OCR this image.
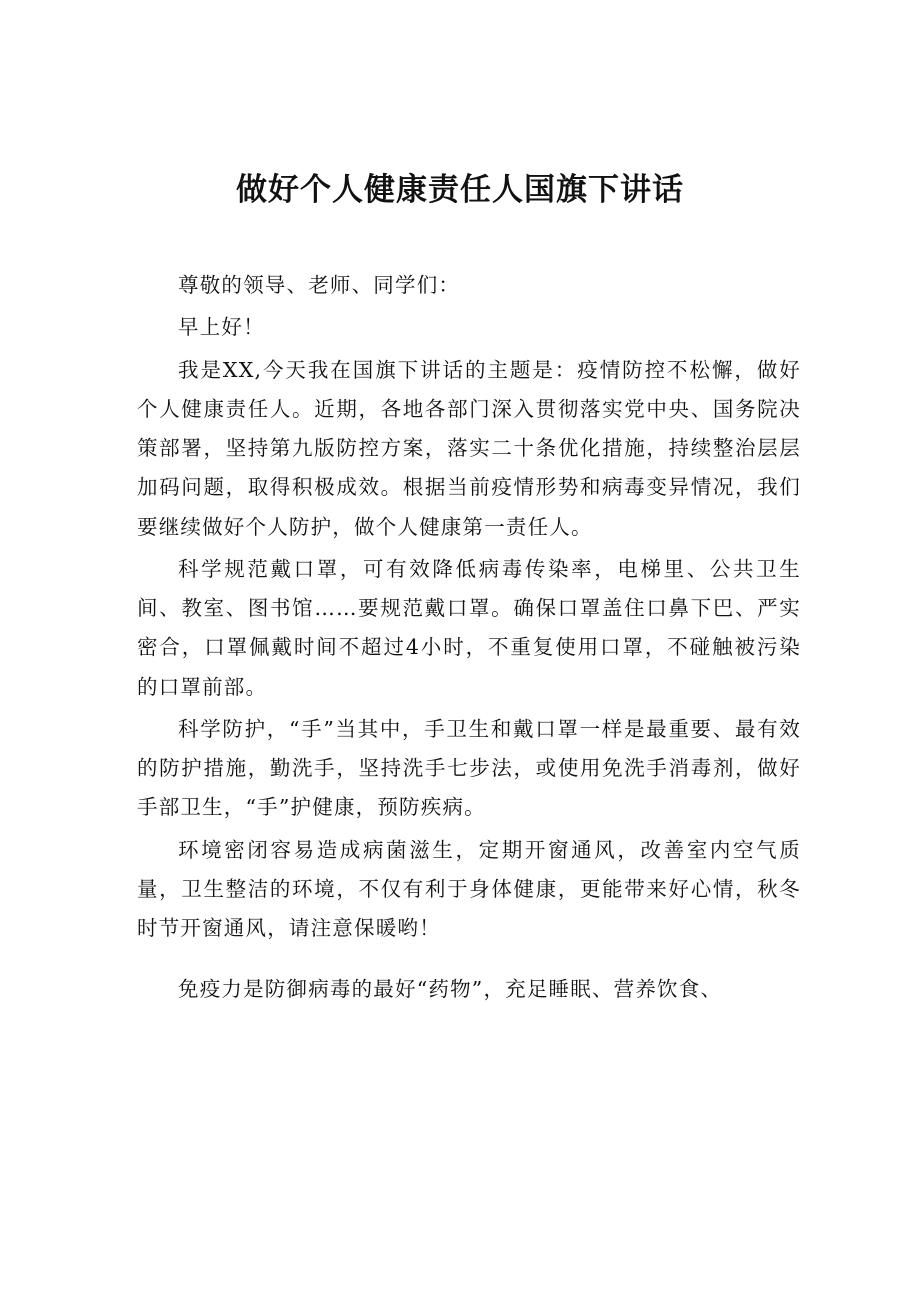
做好个人健康责任人国旗下讲话

尊敬的领导、老师、同学们：

早上好！

我是XX,今天我在国旗下讲话的主题是：疫情防控不松懈，做好个人健康责任人。近期，各地各部门深入贯彻落实党中央、国务院决策部署，坚持第九版防控方案，落实二十条优化措施，持续整治层层加码问题，取得积极成效。根据当前疫情形势和病毒变异情况，我们要继续做好个人防护，做个人健康第一责任人。

科学规范戴口罩，可有效降低病毒传染率，电梯里、公共卫生间、教室、图书馆……要规范戴口罩。确保口罩盖住口鼻下巴、严实密合，口罩佩戴时间不超过4小时，不重复使用口罩，不碰触被污染的口罩前部。

科学防护，“手”当其中，手卫生和戴口罩一样是最重要、最有效的防护措施，勤洗手，坚持洗手七步法，或使用免洗手消毒剂，做好手部卫生，“手”护健康，预防疾病。

环境密闭容易造成病菌滋生，定期开窗通风，改善室内空气质量，卫生整洁的环境，不仅有利于身体健康，更能带来好心情，秋冬时节开窗通风，请注意保暖哟！

免疫力是防御病毒的最好“药物”，充足睡眠、营养饮食、
